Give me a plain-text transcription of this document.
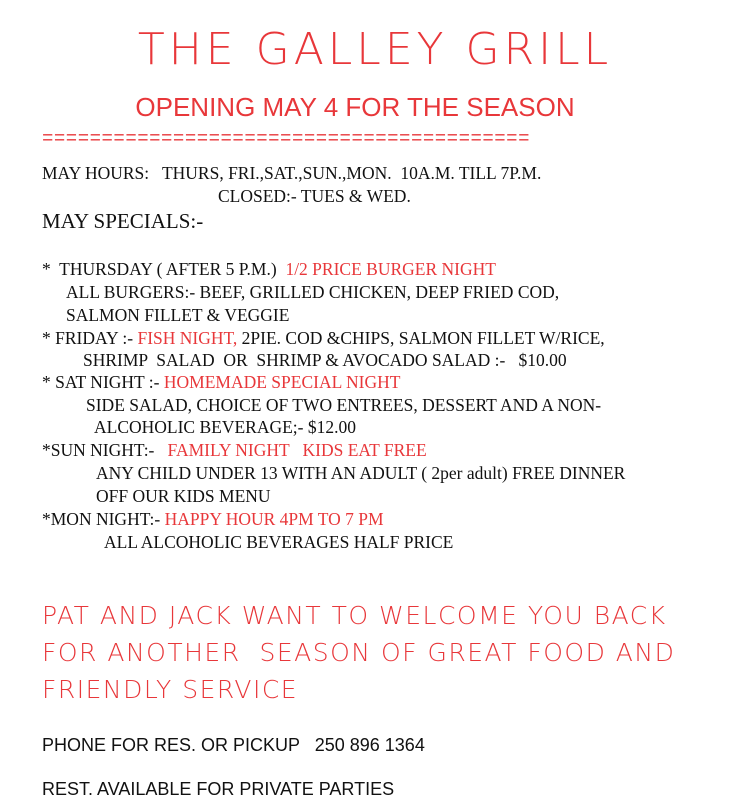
THE GALLEY GRILL
OPENING MAY 4 FOR THE SEASON
=========================================
MAY HOURS:   THURS, FRI.,SAT.,SUN.,MON.  10A.M. TILL 7P.M.
CLOSED:- TUES & WED.
MAY SPECIALS:-
*  THURSDAY ( AFTER 5 P.M.)  1/2 PRICE BURGER NIGHT
ALL BURGERS:- BEEF, GRILLED CHICKEN, DEEP FRIED COD,
SALMON FILLET & VEGGIE
* FRIDAY :- FISH NIGHT, 2PIE. COD &CHIPS, SALMON FILLET W/RICE,
SHRIMP  SALAD  OR  SHRIMP & AVOCADO SALAD :-   $10.00
* SAT NIGHT :- HOMEMADE SPECIAL NIGHT
SIDE SALAD, CHOICE OF TWO ENTREES, DESSERT AND A NON-
ALCOHOLIC BEVERAGE;- $12.00
*SUN NIGHT:-   FAMILY NIGHT   KIDS EAT FREE
ANY CHILD UNDER 13 WITH AN ADULT ( 2per adult) FREE DINNER
OFF OUR KIDS MENU
*MON NIGHT:- HAPPY HOUR 4PM TO 7 PM
ALL ALCOHOLIC BEVERAGES HALF PRICE
PAT AND JACK WANT TO WELCOME YOU BACK
FOR ANOTHER  SEASON OF GREAT FOOD AND
FRIENDLY SERVICE
PHONE FOR RES. OR PICKUP   250 896 1364
REST. AVAILABLE FOR PRIVATE PARTIES
